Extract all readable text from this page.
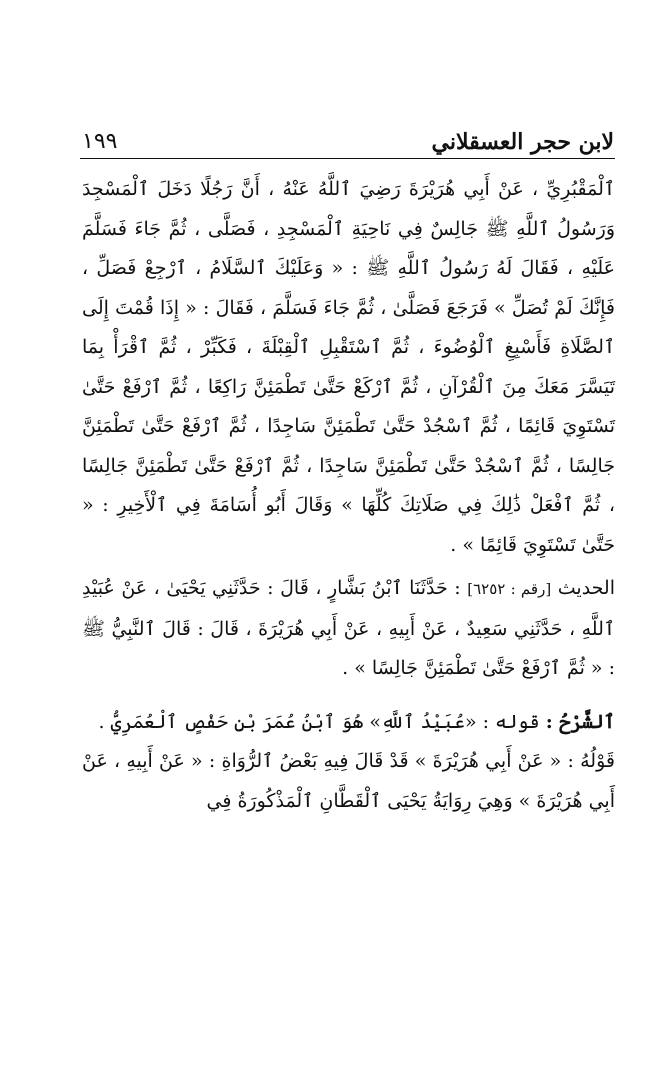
لابن حجر العسقلاني
١٩٩

ٱلْمَقْبُرِيِّ ، عَنْ أَبِي هُرَيْرَةَ رَضِيَ ٱللَّهُ عَنْهُ ، أَنَّ رَجُلًا دَخَلَ ٱلْمَسْجِدَ وَرَسُولُ ٱللَّهِ ﷺ جَالِسٌ فِي نَاحِيَةِ ٱلْمَسْجِدِ ، فَصَلَّى ، ثُمَّ جَاءَ فَسَلَّمَ عَلَيْهِ ، فَقَالَ لَهُ رَسُولُ ٱللَّهِ ﷺ : « وَعَلَيْكَ ٱلسَّلَامُ ، ٱرْجِعْ فَصَلِّ ، فَإِنَّكَ لَمْ تُصَلِّ » فَرَجَعَ فَصَلَّىٰ ، ثُمَّ جَاءَ فَسَلَّمَ ، فَقَالَ : « إِذَا قُمْتَ إِلَى ٱلصَّلَاةِ فَأَسْبِغِ ٱلْوُضُوءَ ، ثُمَّ ٱسْتَقْبِلِ ٱلْقِبْلَةَ ، فَكَبِّرْ ، ثُمَّ ٱقْرَأْ بِمَا تَيَسَّرَ مَعَكَ مِنَ ٱلْقُرْآنِ ، ثُمَّ ٱرْكَعْ حَتَّىٰ تَطْمَئِنَّ رَاكِعًا ، ثُمَّ ٱرْفَعْ حَتَّىٰ تَسْتَوِيَ قَائِمًا ، ثُمَّ ٱسْجُدْ حَتَّىٰ تَطْمَئِنَّ سَاجِدًا ، ثُمَّ ٱرْفَعْ حَتَّىٰ تَطْمَئِنَّ جَالِسًا ، ثُمَّ ٱسْجُدْ حَتَّىٰ تَطْمَئِنَّ سَاجِدًا ، ثُمَّ ٱرْفَعْ حَتَّىٰ تَطْمَئِنَّ جَالِسًا ، ثُمَّ ٱفْعَلْ ذَٰلِكَ فِي صَلَاتِكَ كُلِّهَا » وَقَالَ أَبُو أُسَامَةَ فِي ٱلْأَخِيرِ : « حَتَّىٰ تَسْتَوِيَ قَائِمًا » .

الحديث [رقم : ٦٢٥٢] : حَدَّثَنَا ٱبْنُ بَشَّارٍ ، قَالَ : حَدَّثَنِي يَحْيَىٰ ، عَنْ عُبَيْدِ ٱللَّهِ ، حَدَّثَنِي سَعِيدٌ ، عَنْ أَبِيهِ ، عَنْ أَبِي هُرَيْرَةَ ، قَالَ : قَالَ ٱلنَّبِيُّ ﷺ : « ثُمَّ ٱرْفَعْ حَتَّىٰ تَطْمَئِنَّ جَالِسًا » .

ٱلشَّرْحُ : قوله : «عُبَيْدُ ٱللَّهِ» هُوَ ٱبْنُ عُمَرَ بْنِ حَفْصٍ ٱلْعُمَرِيُّ .

قَوْلُهُ : « عَنْ أَبِي هُرَيْرَةَ » قَدْ قَالَ فِيهِ بَعْضُ ٱلرُّوَاةِ : « عَنْ أَبِيهِ ، عَنْ أَبِي هُرَيْرَةَ » وَهِيَ رِوَايَةُ يَحْيَى ٱلْقَطَّانِ ٱلْمَذْكُورَةُ فِي
